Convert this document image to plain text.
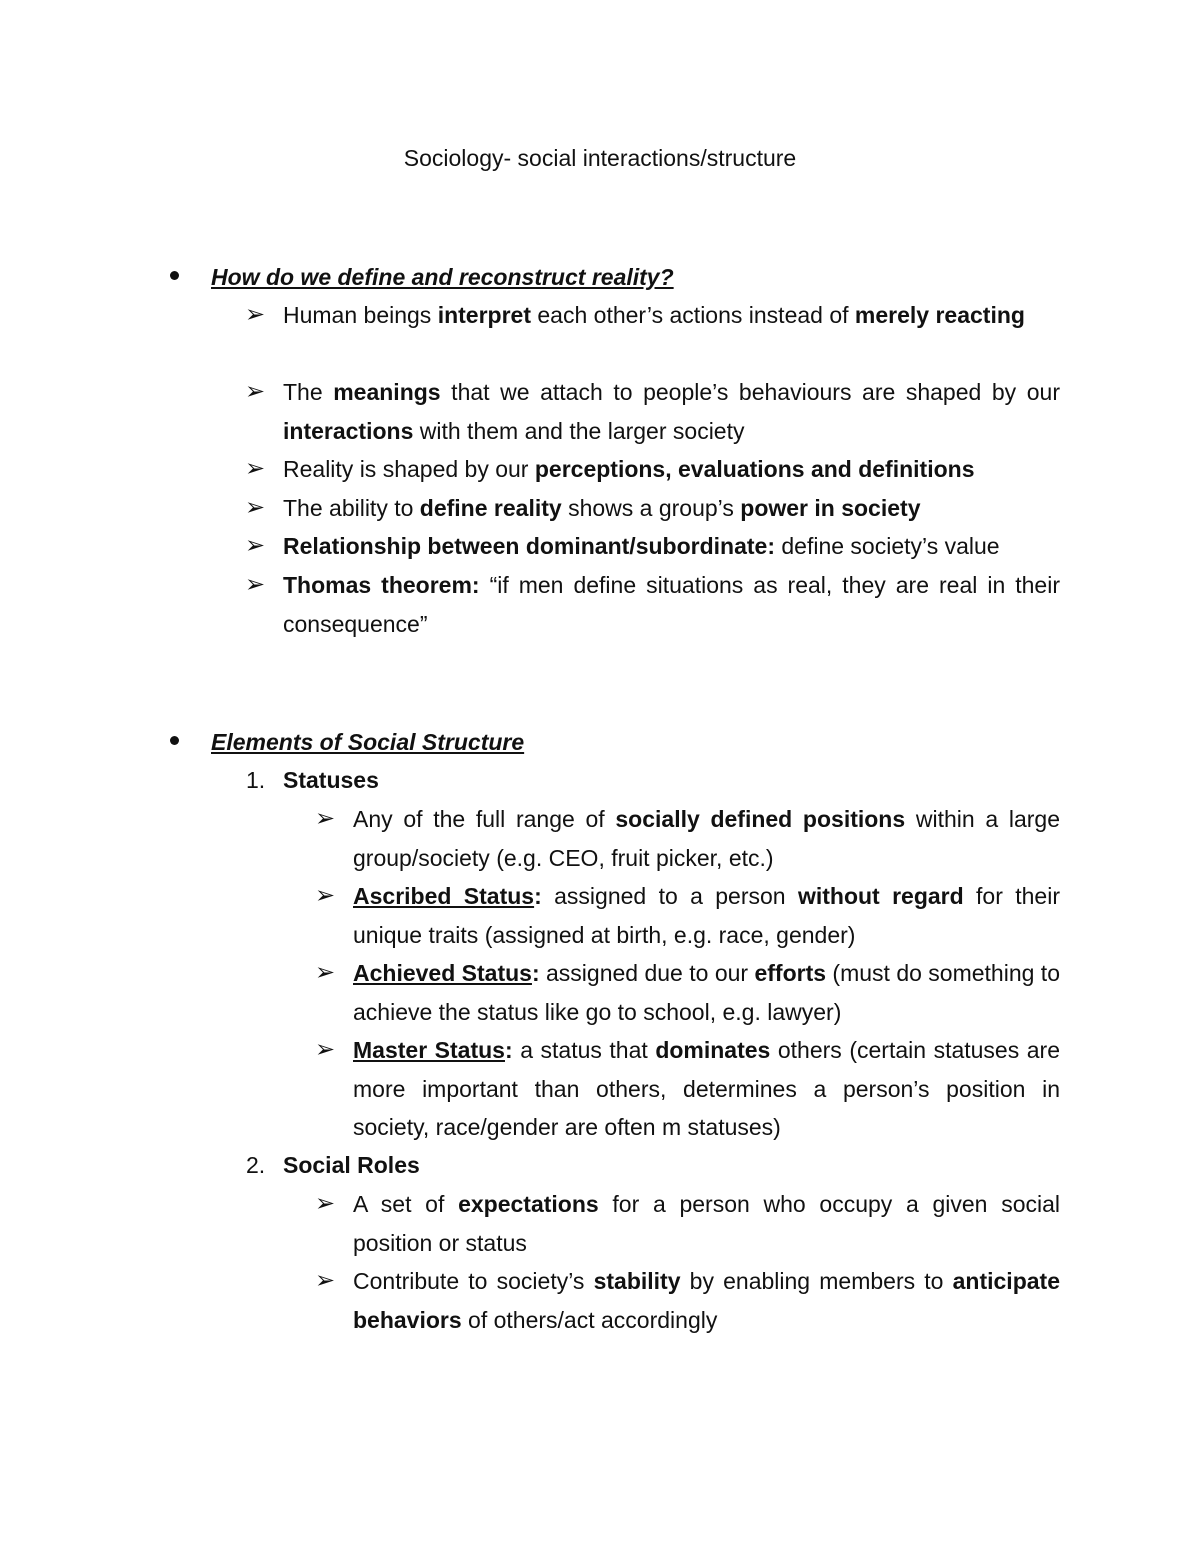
Sociology- social interactions/structure
How do we define and reconstruct reality?
➢ Human beings interpret each other’s actions instead of merely reacting
➢ The meanings that we attach to people’s behaviours are shaped by our interactions with them and the larger society
➢ Reality is shaped by our perceptions, evaluations and definitions
➢ The ability to define reality shows a group’s power in society
➢ Relationship between dominant/subordinate: define society’s value
➢ Thomas theorem: “if men define situations as real, they are real in their consequence”
Elements of Social Structure
1. Statuses
➢ Any of the full range of socially defined positions within a large group/society (e.g. CEO, fruit picker, etc.)
➢ Ascribed Status: assigned to a person without regard for their unique traits (assigned at birth, e.g. race, gender)
➢ Achieved Status: assigned due to our efforts (must do something to achieve the status like go to school, e.g. lawyer)
➢ Master Status: a status that dominates others (certain statuses are more important than others, determines a person’s position in society, race/gender are often m statuses)
2. Social Roles
➢ A set of expectations for a person who occupy a given social position or status
➢ Contribute to society’s stability by enabling members to anticipate behaviors of others/act accordingly
